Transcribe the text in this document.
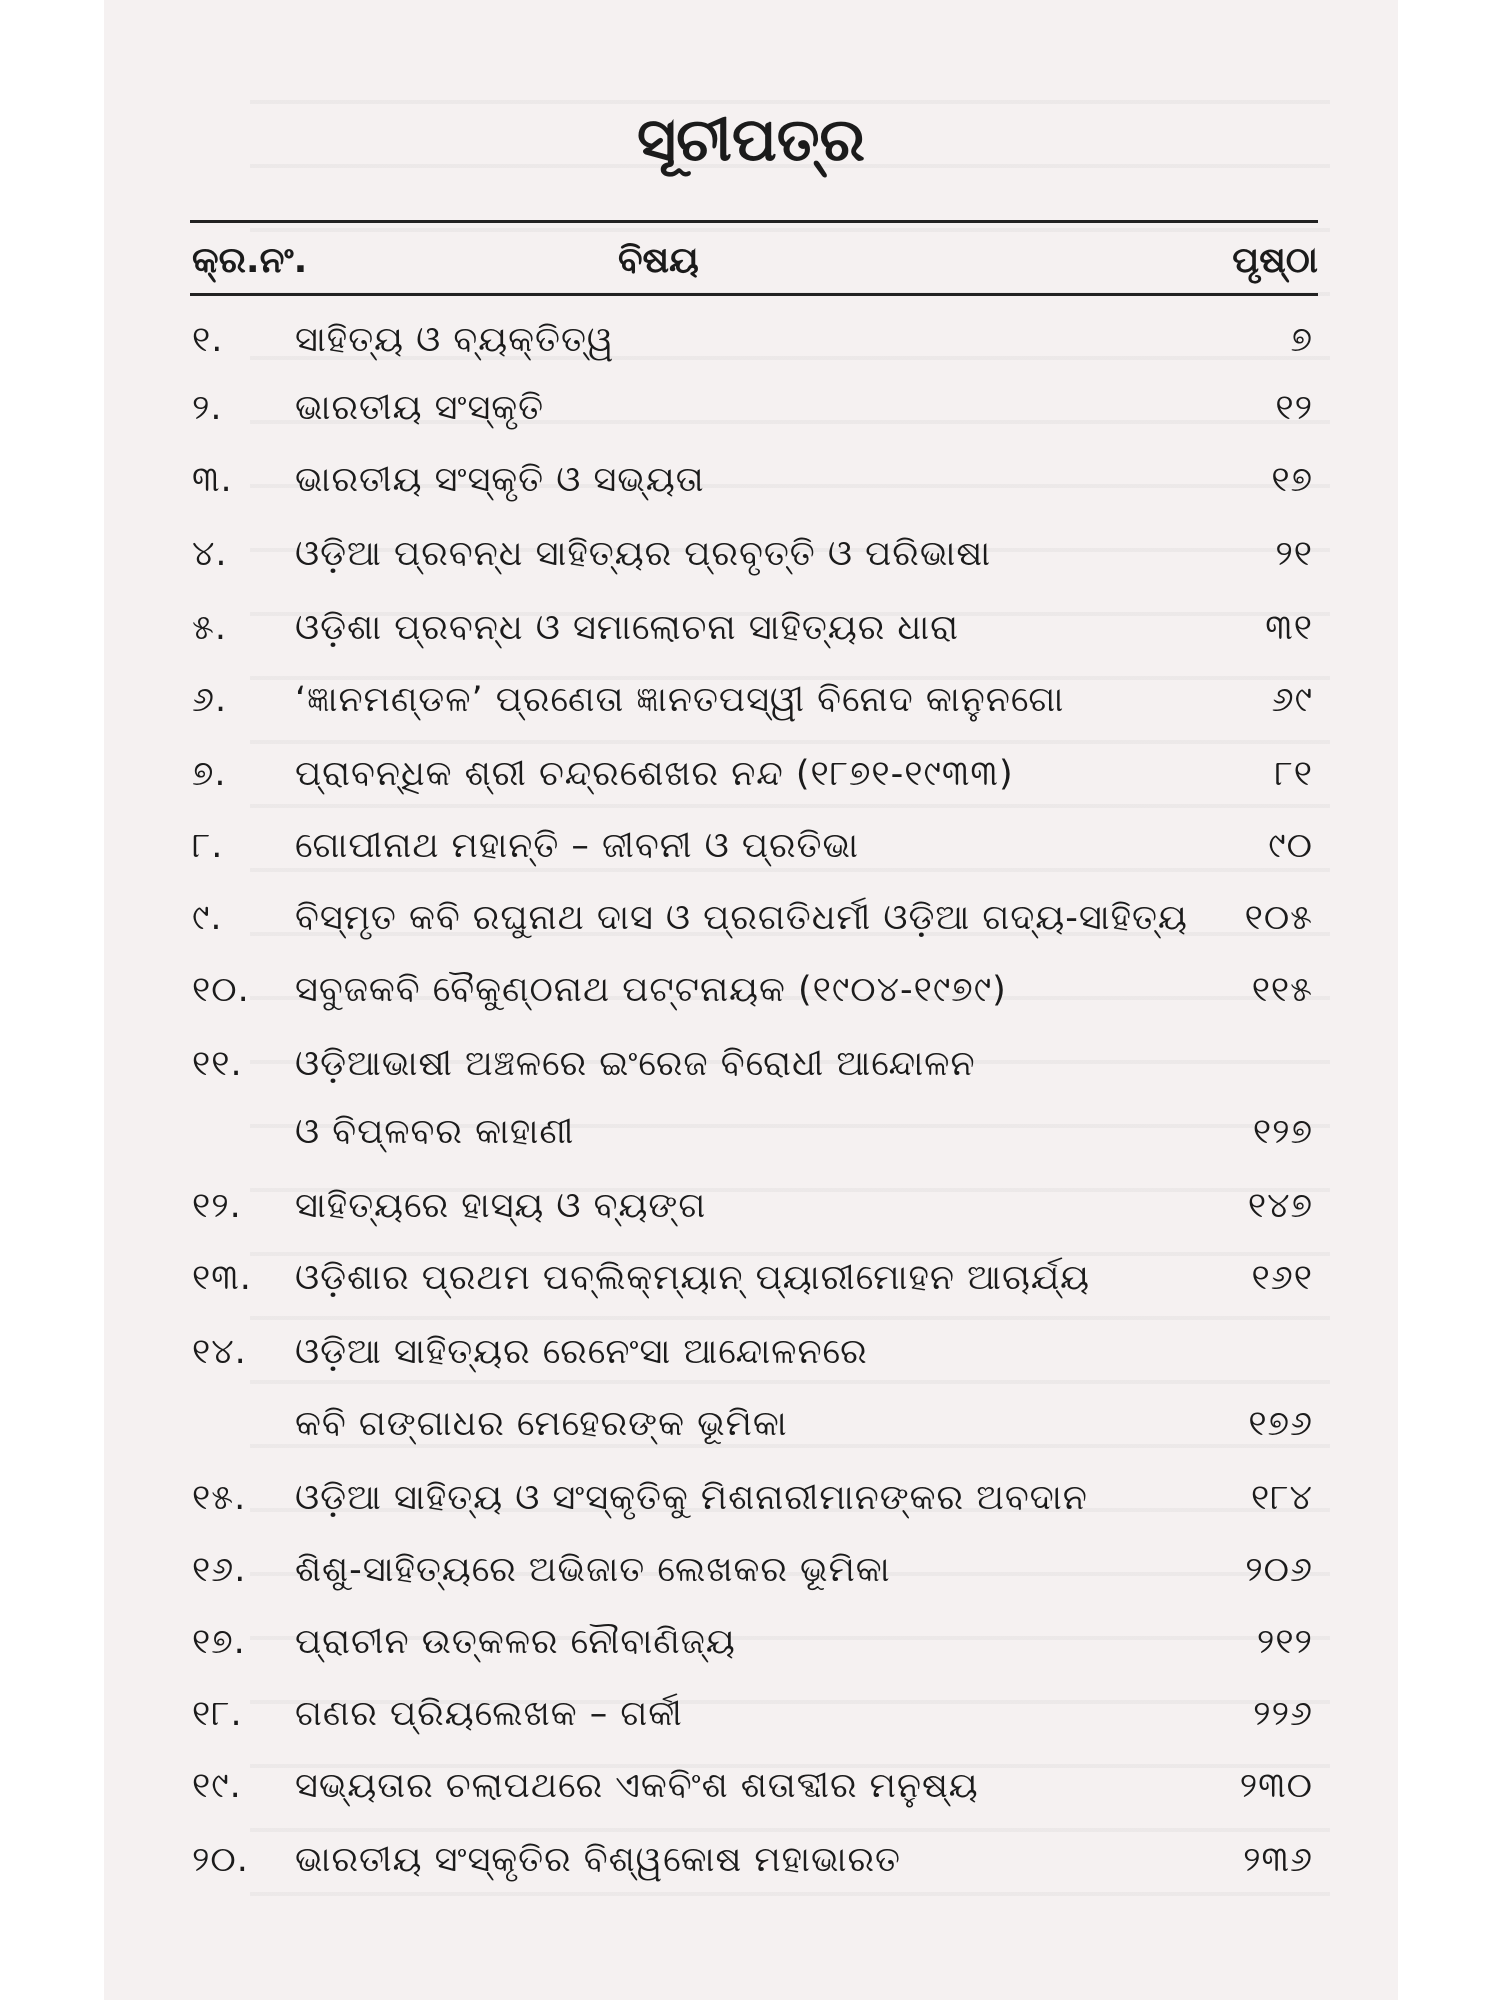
ସୂଚୀପତ୍ର
କ୍ର.ନଂ.	ବିଷୟ	ପୃଷ୍ଠା
୧. ସାହିତ୍ୟ ଓ ବ୍ୟକ୍ତିତ୍ୱ	୭
୨. ଭାରତୀୟ ସଂସ୍କୃତି	୧୨
୩. ଭାରତୀୟ ସଂସ୍କୃତି ଓ ସଭ୍ୟତା	୧୭
୪. ଓଡ଼ିଆ ପ୍ରବନ୍ଧ ସାହିତ୍ୟର ପ୍ରବୃତ୍ତି ଓ ପରିଭାଷା	୨୧
୫. ଓଡ଼ିଶା ପ୍ରବନ୍ଧ ଓ ସମାଲୋଚନା ସାହିତ୍ୟର ଧାରା	୩୧
୬. ‘ଜ୍ଞାନମଣ୍ଡଳ’ ପ୍ରଣେତା ଜ୍ଞାନତପସ୍ୱୀ ବିନୋଦ କାନୁନଗୋ	୬୯
୭. ପ୍ରାବନ୍ଧିକ ଶ୍ରୀ ଚନ୍ଦ୍ରଶେଖର ନନ୍ଦ (୧୮୭୧-୧୯୩୩)	୮୧
୮. ଗୋପୀନାଥ ମହାନ୍ତି – ଜୀବନୀ ଓ ପ୍ରତିଭା	୯୦
୯. ବିସ୍ମୃତ କବି ରଘୁନାଥ ଦାସ ଓ ପ୍ରଗତିଧର୍ମୀ ଓଡ଼ିଆ ଗଦ୍ୟ-ସାହିତ୍ୟ ୧୦୫
୧୦. ସବୁଜକବି ବୈକୁଣ୍ଠନାଥ ପଟ୍ଟନାୟକ (୧୯୦୪-୧୯୭୯)	୧୧୫
୧୧. ଓଡ଼ିଆଭାଷୀ ଅଞ୍ଚଳରେ ଇଂରେଜ ବିରୋଧୀ ଆନ୍ଦୋଳନ
ଓ ବିପ୍ଳବର କାହାଣୀ	୧୨୭
୧୨. ସାହିତ୍ୟରେ ହାସ୍ୟ ଓ ବ୍ୟଙ୍ଗ	୧୪୭
୧୩. ଓଡ଼ିଶାର ପ୍ରଥମ ପବ୍ଲିକ୍‌ମ୍ୟାନ୍ ପ୍ୟାରୀମୋହନ ଆଚାର୍ଯ୍ୟ	୧୬୧
୧୪. ଓଡ଼ିଆ ସାହିତ୍ୟର ରେନେଂସା ଆନ୍ଦୋଳନରେ
କବି ଗଙ୍ଗାଧର ମେହେରଙ୍କ ଭୂମିକା	୧୭୬
୧୫. ଓଡ଼ିଆ ସାହିତ୍ୟ ଓ ସଂସ୍କୃତିକୁ ମିଶନାରୀମାନଙ୍କର ଅବଦାନ	୧୮୪
୧୬. ଶିଶୁ-ସାହିତ୍ୟରେ ଅଭିଜାତ ଲେଖକର ଭୂମିକା	୨୦୬
୧୭. ପ୍ରାଚୀନ ଉତ୍କଳର ନୌବାଣିଜ୍ୟ	୨୧୨
୧୮. ଗଣର ପ୍ରିୟଲେଖକ – ଗର୍କୀ	୨୨୬
୧୯. ସଭ୍ୟତାର ଚଲାପଥରେ ଏକବିଂଶ ଶତାବ୍ଦୀର ମନୁଷ୍ୟ	୨୩୦
୨୦. ଭାରତୀୟ ସଂସ୍କୃତିର ବିଶ୍ୱକୋଷ ମହାଭାରତ	୨୩୬
